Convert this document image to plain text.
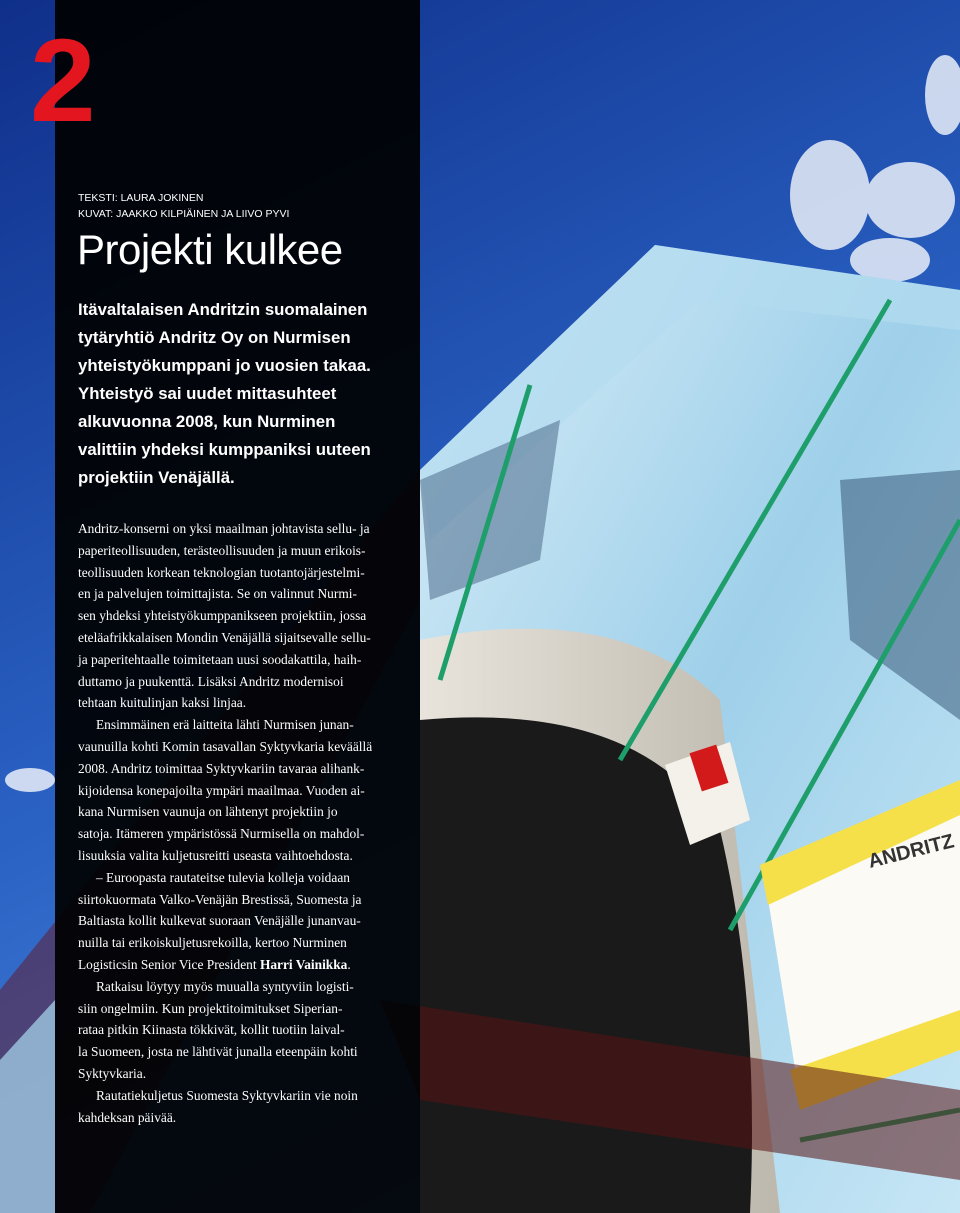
ANDRITZ
2
TEKSTI: LAURA JOKINEN
KUVAT: JAAKKO KILPIÄINEN JA LIIVO PYVI
Projekti kulkee

Itävaltalaisen Andritzin suomalainen
tytäryhtiö Andritz Oy on Nurmisen
yhteistyökumppani jo vuosien takaa.
Yhteistyö sai uudet mittasuhteet
alkuvuonna 2008, kun Nurminen
valittiin yhdeksi kumppaniksi uuteen
projektiin Venäjällä.

Andritz-konserni on yksi maailman johtavista sellu- ja
paperiteollisuuden, terästeollisuuden ja muun erikois-
teollisuuden korkean teknologian tuotantojärjestelmi-
en ja palvelujen toimittajista. Se on valinnut Nurmi-
sen yhdeksi yhteistyökumppanikseen projektiin, jossa
eteläafrikkalaisen Mondin Venäjällä sijaitsevalle sellu-
ja paperitehtaalle toimitetaan uusi soodakattila, haih-
duttamo ja puukenttä. Lisäksi Andritz modernisoi
tehtaan kuitulinjan kaksi linjaa.
Ensimmäinen erä laitteita lähti Nurmisen junan-
vaunuilla kohti Komin tasavallan Syktyvkaria keväällä
2008. Andritz toimittaa Syktyvkariin tavaraa alihank-
kijoidensa konepajoilta ympäri maailmaa. Vuoden ai-
kana Nurmisen vaunuja on lähtenyt projektiin jo
satoja. Itämeren ympäristössä Nurmisella on mahdol-
lisuuksia valita kuljetusreitti useasta vaihtoehdosta.
– Euroopasta rautateitse tulevia kolleja voidaan
siirtokuormata Valko-Venäjän Brestissä, Suomesta ja
Baltiasta kollit kulkevat suoraan Venäjälle junanvau-
nuilla tai erikoiskuljetusrekoilla, kertoo Nurminen
Logisticsin Senior Vice President Harri Vainikka.
Ratkaisu löytyy myös muualla syntyviin logisti-
siin ongelmiin. Kun projektitoimitukset Siperian-
rataa pitkin Kiinasta tökkivät, kollit tuotiin laival-
la Suomeen, josta ne lähtivät junalla eteenpäin kohti
Syktyvkaria.
Rautatiekuljetus Suomesta Syktyvkariin vie noin
kahdeksan päivää.
